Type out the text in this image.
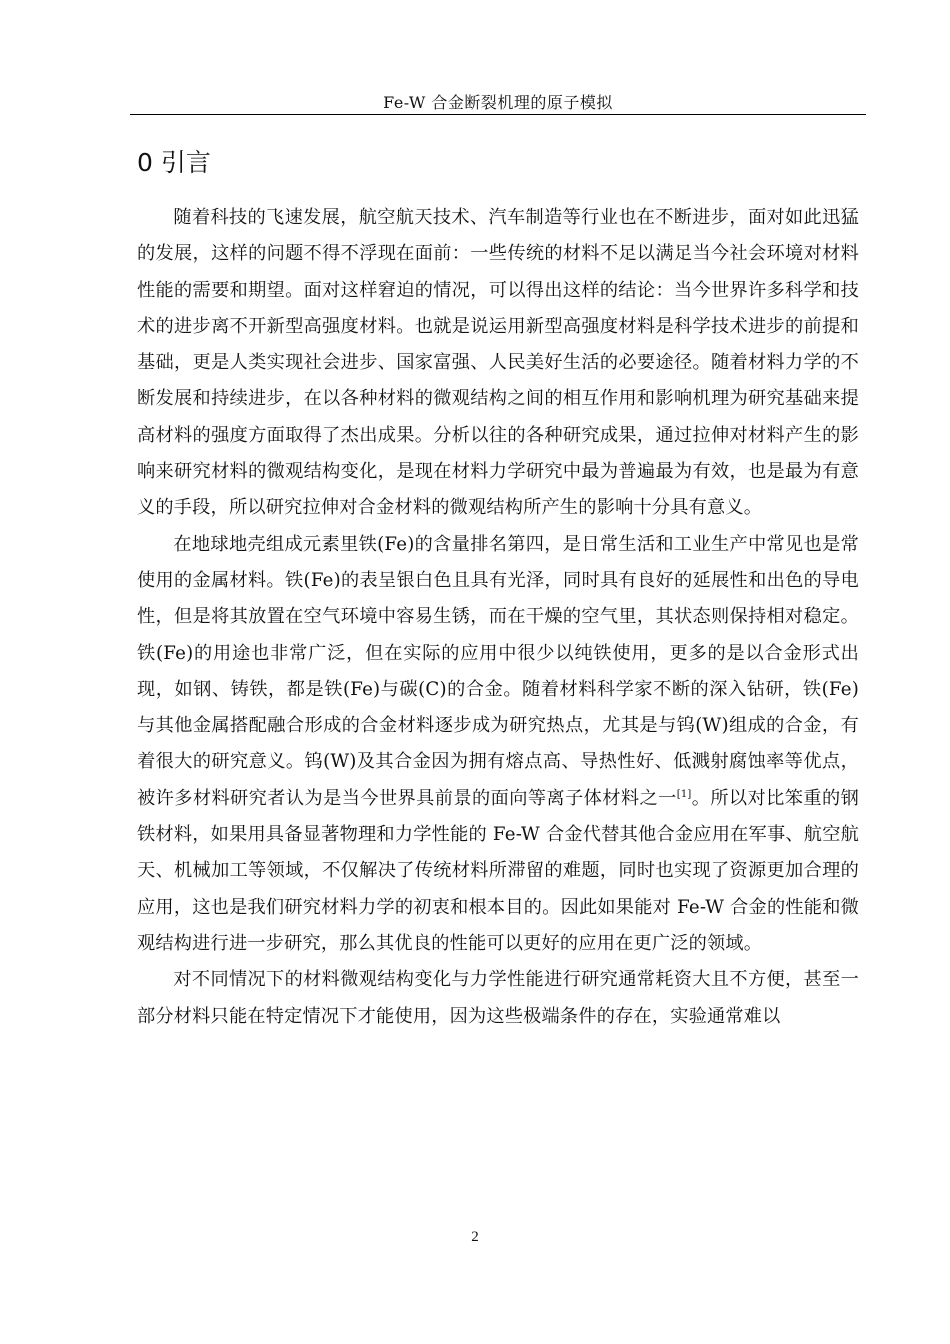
Fe-W 合金断裂机理的原子模拟
0 引言

随着科技的飞速发展，航空航天技术、汽车制造等行业也在不断进步，面对如此迅猛的发展，这样的问题不得不浮现在面前：一些传统的材料不足以满足当今社会环境对材料性能的需要和期望。面对这样窘迫的情况，可以得出这样的结论：当今世界许多科学和技术的进步离不开新型高强度材料。也就是说运用新型高强度材料是科学技术进步的前提和基础，更是人类实现社会进步、国家富强、人民美好生活的必要途径。随着材料力学的不断发展和持续进步，在以各种材料的微观结构之间的相互作用和影响机理为研究基础来提高材料的强度方面取得了杰出成果。分析以往的各种研究成果，通过拉伸对材料产生的影响来研究材料的微观结构变化，是现在材料力学研究中最为普遍最为有效，也是最为有意义的手段，所以研究拉伸对合金材料的微观结构所产生的影响十分具有意义。

在地球地壳组成元素里铁(Fe)的含量排名第四，是日常生活和工业生产中常见也是常使用的金属材料。铁(Fe)的表呈银白色且具有光泽，同时具有良好的延展性和出色的导电性，但是将其放置在空气环境中容易生锈，而在干燥的空气里，其状态则保持相对稳定。铁(Fe)的用途也非常广泛，但在实际的应用中很少以纯铁使用，更多的是以合金形式出现，如钢、铸铁，都是铁(Fe)与碳(C)的合金。随着材料科学家不断的深入钻研，铁(Fe)与其他金属搭配融合形成的合金材料逐步成为研究热点，尤其是与钨(W)组成的合金，有着很大的研究意义。钨(W)及其合金因为拥有熔点高、导热性好、低溅射腐蚀率等优点，被许多材料研究者认为是当今世界具前景的面向等离子体材料之一[1]。所以对比笨重的钢铁材料，如果用具备显著物理和力学性能的 Fe-W 合金代替其他合金应用在军事、航空航天、机械加工等领域，不仅解决了传统材料所滞留的难题，同时也实现了资源更加合理的应用，这也是我们研究材料力学的初衷和根本目的。因此如果能对 Fe-W 合金的性能和微观结构进行进一步研究，那么其优良的性能可以更好的应用在更广泛的领域。

对不同情况下的材料微观结构变化与力学性能进行研究通常耗资大且不方便，甚至一部分材料只能在特定情况下才能使用，因为这些极端条件的存在，实验通常难以

2
